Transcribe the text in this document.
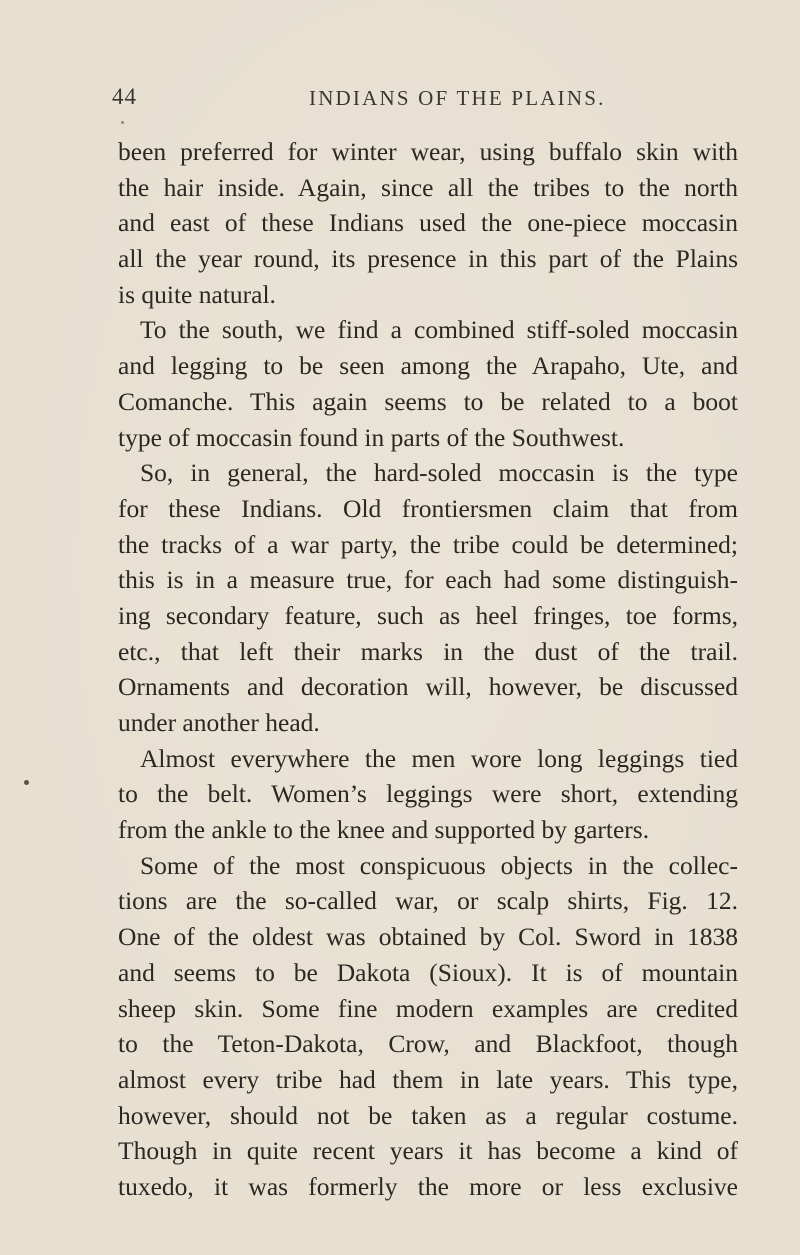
44	INDIANS OF THE PLAINS.
been preferred for winter wear, using buffalo skin with
the hair inside. Again, since all the tribes to the north
and east of these Indians used the one-piece moccasin
all the year round, its presence in this part of the Plains
is quite natural.
To the south, we find a combined stiff-soled moccasin
and legging to be seen among the Arapaho, Ute, and
Comanche. This again seems to be related to a boot
type of moccasin found in parts of the Southwest.
So, in general, the hard-soled moccasin is the type
for these Indians. Old frontiersmen claim that from
the tracks of a war party, the tribe could be determined;
this is in a measure true, for each had some distinguish-
ing secondary feature, such as heel fringes, toe forms,
etc., that left their marks in the dust of the trail.
Ornaments and decoration will, however, be discussed
under another head.
Almost everywhere the men wore long leggings tied
to the belt. Women’s leggings were short, extending
from the ankle to the knee and supported by garters.
Some of the most conspicuous objects in the collec-
tions are the so-called war, or scalp shirts, Fig. 12.
One of the oldest was obtained by Col. Sword in 1838
and seems to be Dakota (Sioux). It is of mountain
sheep skin. Some fine modern examples are credited
to the Teton-Dakota, Crow, and Blackfoot, though
almost every tribe had them in late years. This type,
however, should not be taken as a regular costume.
Though in quite recent years it has become a kind of
tuxedo, it was formerly the more or less exclusive
